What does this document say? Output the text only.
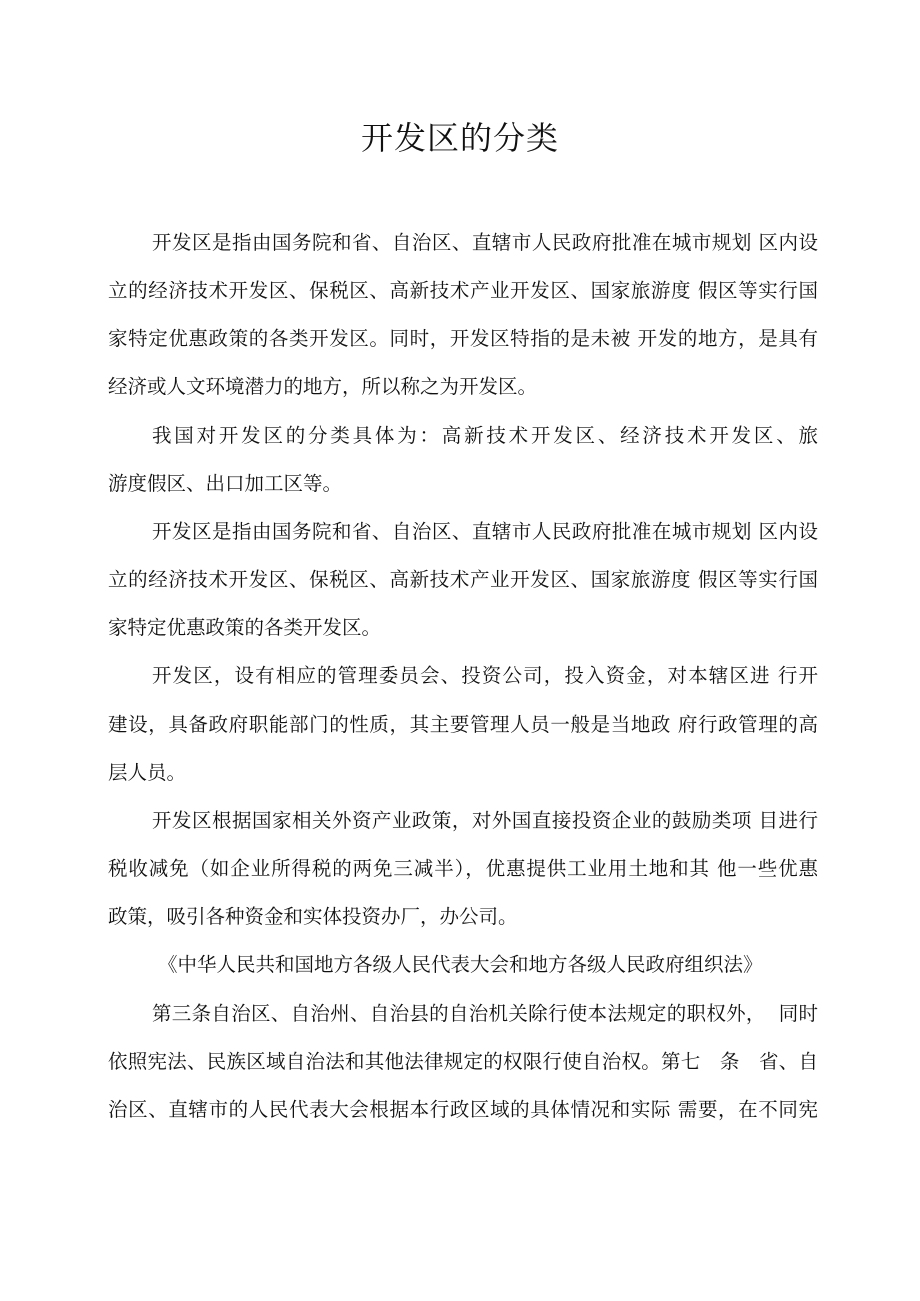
开发区的分类
开发区是指由国务院和省、自治区、直辖市人民政府批准在城市规划 区内设
立的经济技术开发区、保税区、高新技术产业开发区、国家旅游度 假区等实行国
家特定优惠政策的各类开发区。同时，开发区特指的是未被 开发的地方，是具有
经济或人文环境潜力的地方，所以称之为开发区。
我国对开发区的分类具体为：高新技术开发区、经济技术开发区、旅
游度假区、出口加工区等。
开发区是指由国务院和省、自治区、直辖市人民政府批准在城市规划 区内设
立的经济技术开发区、保税区、高新技术产业开发区、国家旅游度 假区等实行国
家特定优惠政策的各类开发区。
开发区，设有相应的管理委员会、投资公司，投入资金，对本辖区进 行开
建设，具备政府职能部门的性质，其主要管理人员一般是当地政 府行政管理的高
层人员。
开发区根据国家相关外资产业政策，对外国直接投资企业的鼓励类项 目进行
税收减免（如企业所得税的两免三减半），优惠提供工业用土地和其 他一些优惠
政策，吸引各种资金和实体投资办厂，办公司。
《中华人民共和国地方各级人民代表大会和地方各级人民政府组织法》
第三条自治区、自治州、自治县的自治机关除行使本法规定的职权外，  同时
依照宪法、民族区域自治法和其他法律规定的权限行使自治权。第七   条   省、自
治区、直辖市的人民代表大会根据本行政区域的具体情况和实际 需要，在不同宪
